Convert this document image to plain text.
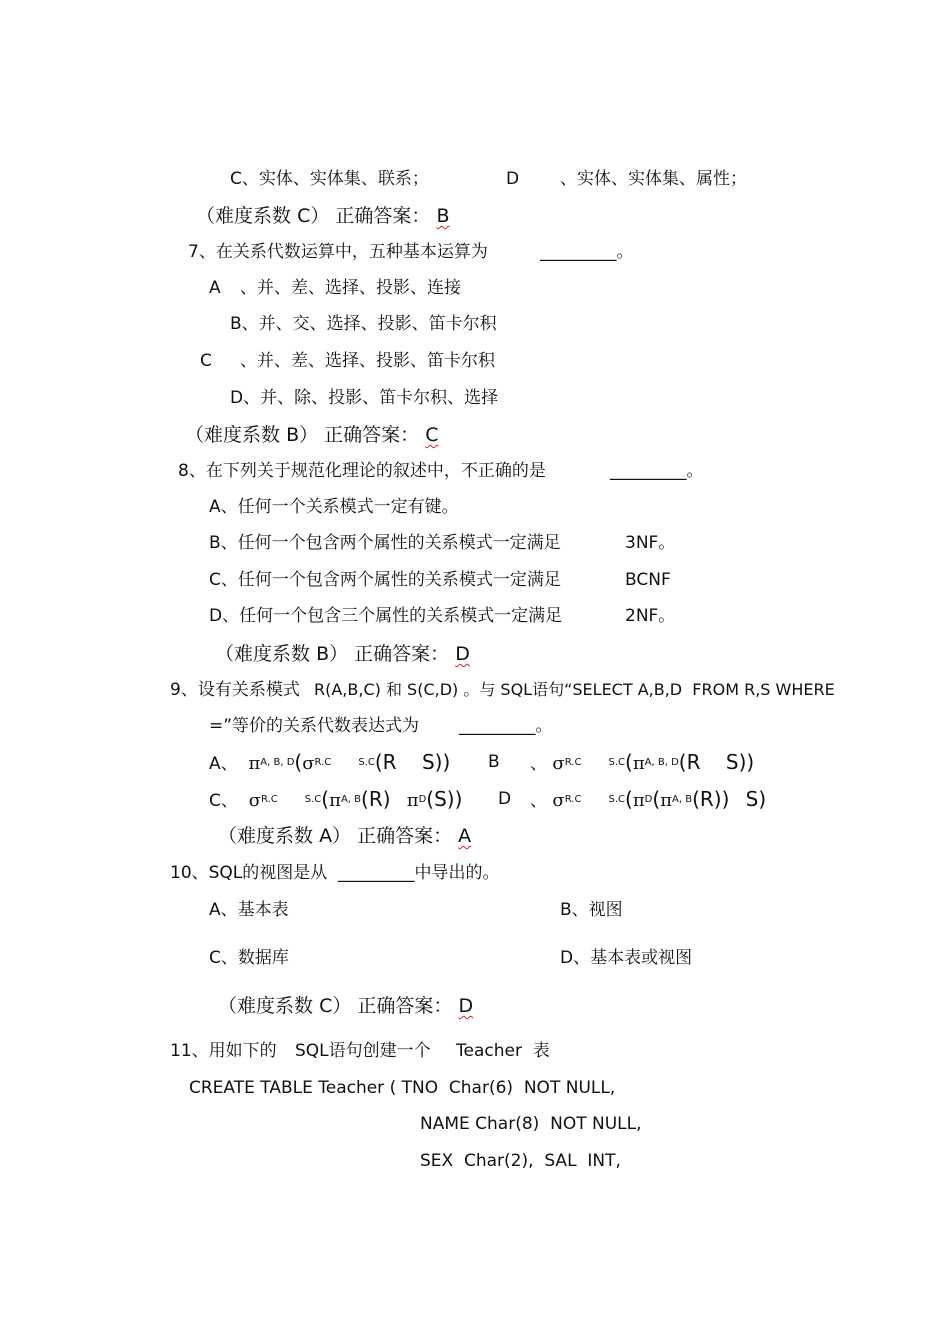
C、实体、实体集、联系；	D 、实体、实体集、属性；
（难度系数 C） 正确答案： B
7、在关系代数运算中，五种基本运算为	_________。
A 、并、差、选择、投影、连接
B、并、交、选择、投影、笛卡尔积
C 、并、差、选择、投影、笛卡尔积
D、并、除、投影、笛卡尔积、选择
（难度系数 B） 正确答案： C
8、在下列关于规范化理论的叙述中，不正确的是	_________。
A、任何一个关系模式一定有键。
B、任何一个包含两个属性的关系模式一定满足	3NF。
C、任何一个包含两个属性的关系模式一定满足	BCNF
D、任何一个包含三个属性的关系模式一定满足	2NF。
（难度系数 B） 正确答案： D
9、设有关系模式 R(A,B,C) 和 S(C,D) 。与 SQL语句“SELECT A,B,D  FROM R,S WHERE
=”等价的关系代数表达式为 _________。
A、 $\pi^{A, B, D}(\sigma^{R.C}$	$^{S.C}$(R    S)) B 、 $\sigma^{R.C}$	$^{S.C}(\pi^{A, B, D}(R$    S))
C、 $\sigma^{R.C}$	$^{S.C}(\pi^{A, B}(R)$ $\pi^D(S)$) D 、 $\sigma^{R.C}$	$^{S.C}(\pi^D(\pi^{A, B}(R))$ S)
（难度系数 A） 正确答案： A
10、SQL的视图是从 _________中导出的。
A、基本表	B、视图
C、数据库	D、基本表或视图
（难度系数 C） 正确答案： D
11、用如下的 SQL语句创建一个 Teacher  表
CREATE TABLE Teacher ( TNO  Char(6)  NOT NULL,
NAME Char(8)  NOT NULL,
SEX  Char(2),  SAL  INT,
